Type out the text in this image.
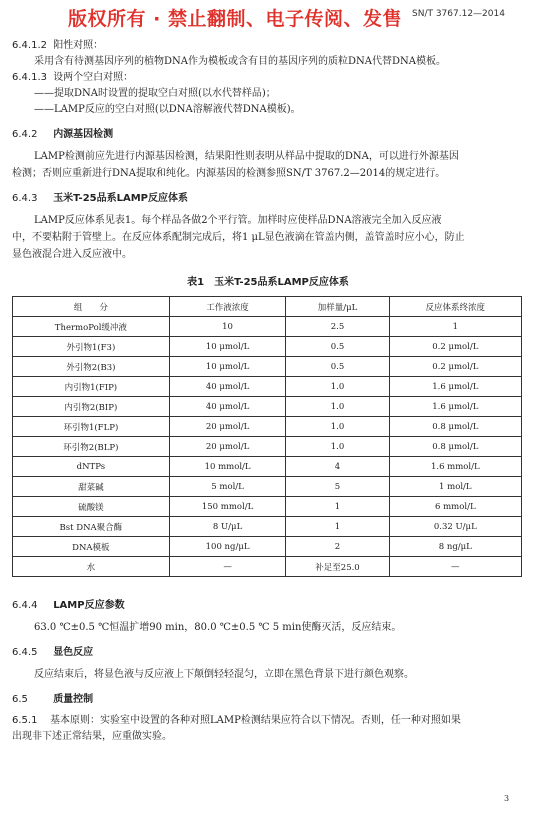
版权所有 · 禁止翻制、电子传阅、发售 SN/T 3767.12—2014
6.4.1.2 阳性对照：
采用含有待测基因序列的植物DNA作为模板或含有目的基因序列的质粒DNA代替DNA模板。
6.4.1.3 设两个空白对照：
——提取DNA时设置的提取空白对照(以水代替样品)；
——LAMP反应的空白对照(以DNA溶解液代替DNA模板)。
6.4.2 内源基因检测

LAMP检测前应先进行内源基因检测，结果阳性则表明从样品中提取的DNA，可以进行外源基因

检测；否则应重新进行DNA提取和纯化。内源基因的检测参照SN/T 3767.2—2014的规定进行。

6.4.3 玉米T-25品系LAMP反应体系

LAMP反应体系见表1。每个样品各做2个平行管。加样时应使样品DNA溶液完全加入反应液

中，不要粘附于管壁上。在反应体系配制完成后，将1 μL显色液滴在管盖内侧，盖管盖时应小心，防止

显色液混合进入反应液中。

表1　玉米T-25品系LAMP反应体系
组　　分	工作液浓度	加样量/μL	反应体系终浓度
ThermoPol缓冲液	10	2.5	1
外引物1(F3)	10 μmol/L	0.5	0.2 μmol/L
外引物2(B3)	10 μmol/L	0.5	0.2 μmol/L
内引物1(FIP)	40 μmol/L	1.0	1.6 μmol/L
内引物2(BIP)	40 μmol/L	1.0	1.6 μmol/L
环引物1(FLP)	20 μmol/L	1.0	0.8 μmol/L
环引物2(BLP)	20 μmol/L	1.0	0.8 μmol/L
dNTPs	10 mmol/L	4	1.6 mmol/L
甜菜碱	5 mol/L	5	1 mol/L
硫酸镁	150 mmol/L	1	6 mmol/L
Bst DNA聚合酶	8 U/μL	1	0.32 U/μL
DNA模板	100 ng/μL	2	8 ng/μL
水	—	补足至25.0	—
6.4.4 LAMP反应参数

63.0 ℃±0.5 ℃恒温扩增90 min，80.0 ℃±0.5 ℃ 5 min使酶灭活，反应结束。

6.4.5 显色反应

反应结束后，将显色液与反应液上下颠倒轻轻混匀，立即在黑色背景下进行颜色观察。

6.5	质量控制
6.5.1 基本原则：实验室中设置的各种对照LAMP检测结果应符合以下情况。否则，任一种对照如果
出现非下述正常结果，应重做实验。
3
